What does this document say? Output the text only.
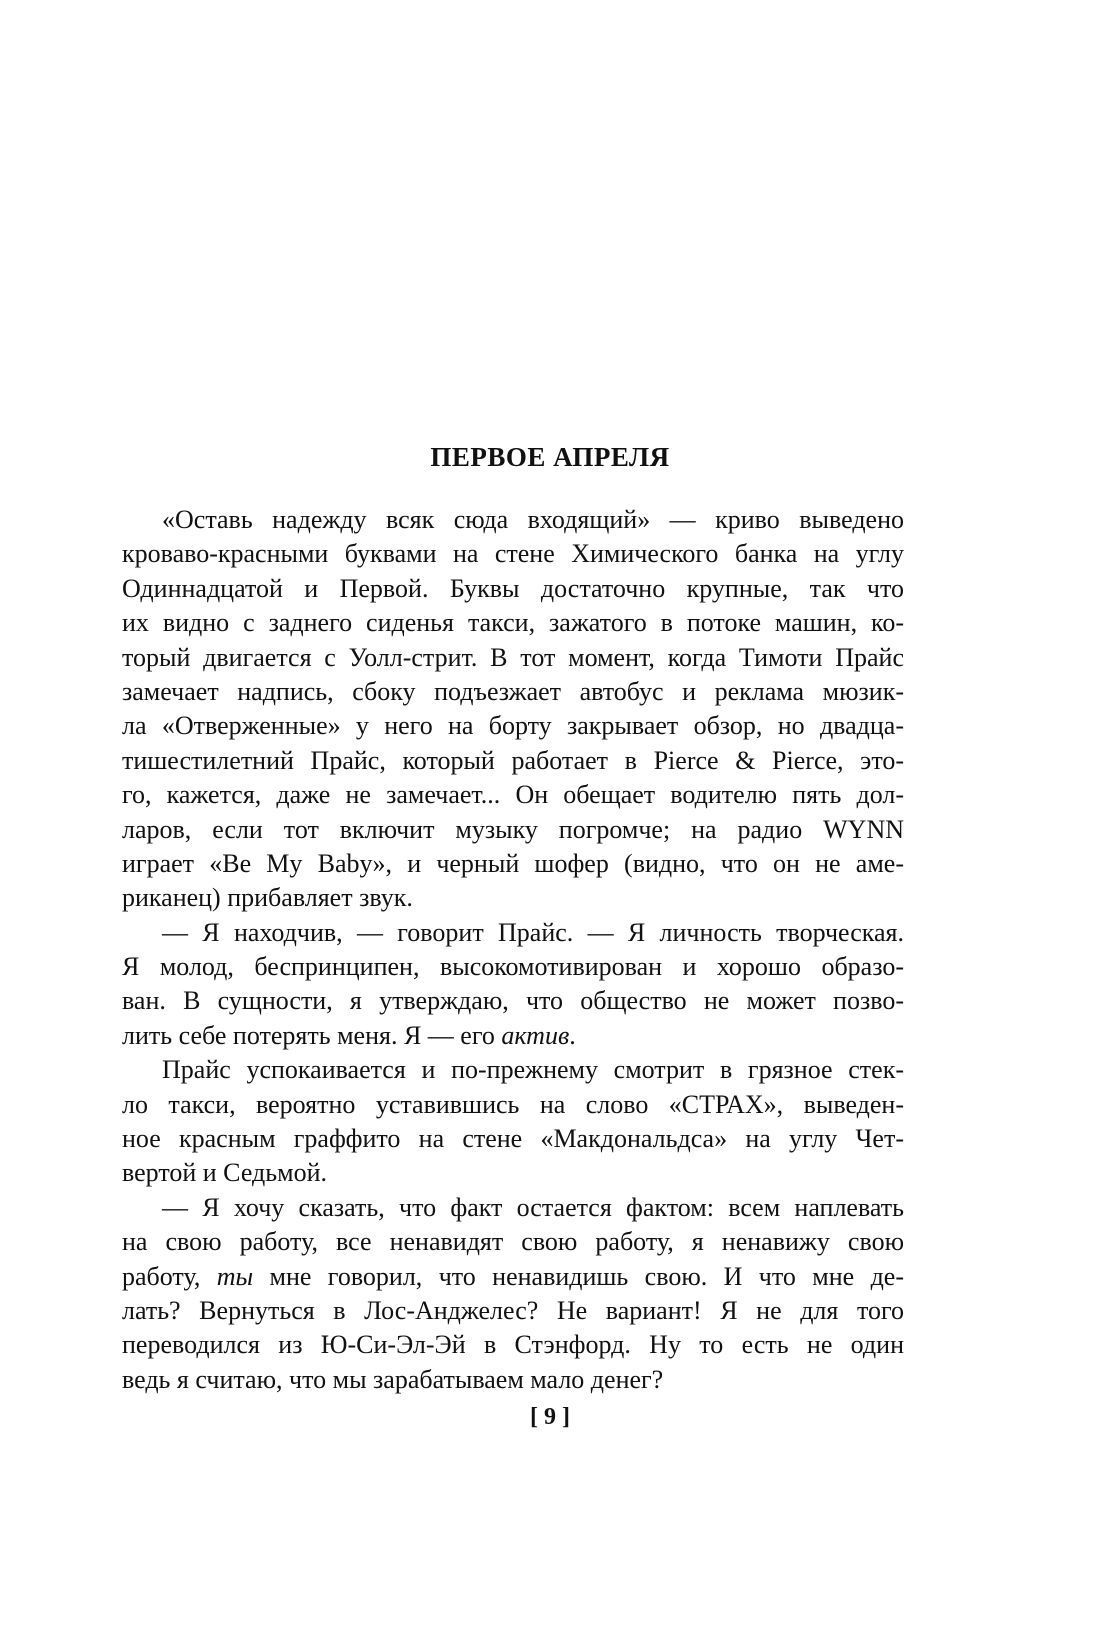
ПЕРВОЕ АПРЕЛЯ
«Оставь надежду всяк сюда входящий» — криво выведено
кроваво-красными буквами на стене Химического банка на углу
Одиннадцатой и Первой. Буквы достаточно крупные, так что
их видно с заднего сиденья такси, зажатого в потоке машин, ко-
торый двигается с Уолл-стрит. В тот момент, когда Тимоти Прайс
замечает надпись, сбоку подъезжает автобус и реклама мюзик-
ла «Отверженные» у него на борту закрывает обзор, но двадца-
тишестилетний Прайс, который работает в Pierce & Pierce, это-
го, кажется, даже не замечает... Он обещает водителю пять дол-
ларов, если тот включит музыку погромче; на радио WYNN
играет «Be My Baby», и черный шофер (видно, что он не аме-
риканец) прибавляет звук.
— Я находчив, — говорит Прайс. — Я личность творческая.
Я молод, беспринципен, высокомотивирован и хорошо образо-
ван. В сущности, я утверждаю, что общество не может позво-
лить себе потерять меня. Я — его актив.
Прайс успокаивается и по-прежнему смотрит в грязное стек-
ло такси, вероятно уставившись на слово «СТРАХ», выведен-
ное красным граффито на стене «Макдональдса» на углу Чет-
вертой и Седьмой.
— Я хочу сказать, что факт остается фактом: всем наплевать
на свою работу, все ненавидят свою работу, я ненавижу свою
работу, ты мне говорил, что ненавидишь свою. И что мне де-
лать? Вернуться в Лос-Анджелес? Не вариант! Я не для того
переводился из Ю-Си-Эл-Эй в Стэнфорд. Ну то есть не один
ведь я считаю, что мы зарабатываем мало денег?
[ 9 ]
